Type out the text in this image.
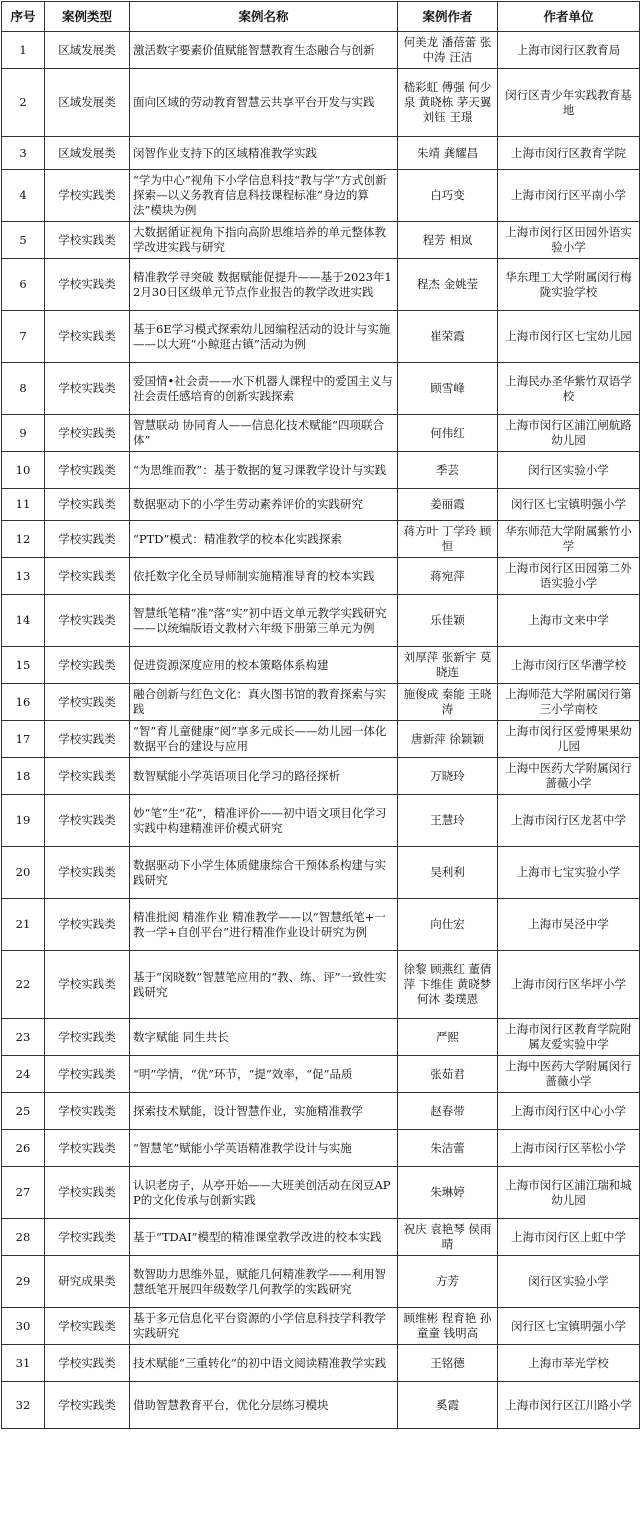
序号	案例类型	案例名称	案例作者	作者单位
1	区域发展类	激活数字要素价值赋能智慧教育生态融合与创新	何美龙 潘蓓蕾 张中涛 汪洁	上海市闵行区教育局
2	区域发展类	面向区域的劳动教育智慧云共享平台开发与实践	嵇彩虹 傅强 何少泉 黄晓栋 茅天翼 刘钰 王璟	闵行区青少年实践教育基地
3	区域发展类	闵智作业支持下的区域精准教学实践	朱靖 龚耀昌	上海市闵行区教育学院
4	学校实践类	“学为中心”视角下小学信息科技“教与学”方式创新探索—以义务教育信息科技课程标准“身边的算法”模块为例	白巧变	上海市闵行区平南小学
5	学校实践类	大数据循证视角下指向高阶思维培养的单元整体教学改进实践与研究	程芳 相岚	上海市闵行区田园外语实验小学
6	学校实践类	精准教学寻突破 数据赋能促提升——基于2023年12月30日区级单元节点作业报告的教学改进实践	程杰 金姚莹	华东理工大学附属闵行梅陇实验学校
7	学校实践类	基于6E学习模式探索幼儿园编程活动的设计与实施——以大班“小鲸逛古镇”活动为例	崔荣霞	上海市闵行区七宝幼儿园
8	学校实践类	爱国情•社会责——水下机器人课程中的爱国主义与社会责任感培育的创新实践探索	顾雪峰	上海民办圣华紫竹双语学校
9	学校实践类	智慧联动 协同育人——信息化技术赋能“四项联合体”	何伟红	上海市闵行区浦江闸航路幼儿园
10	学校实践类	“为思维而教”：基于数据的复习课教学设计与实践	季芸	闵行区实验小学
11	学校实践类	数据驱动下的小学生劳动素养评价的实践研究	姜丽霞	闵行区七宝镇明强小学
12	学校实践类	“PTD”模式：精准教学的校本化实践探索	蒋方叶 丁学玲 顾恒	华东师范大学附属紫竹小学
13	学校实践类	依托数字化全员导师制实施精准导育的校本实践	蒋宛萍	上海市闵行区田园第二外语实验小学
14	学校实践类	智慧纸笔精“准”落“实”初中语文单元教学实践研究——以统编版语文教材六年级下册第三单元为例	乐佳颖	上海市文来中学
15	学校实践类	促进资源深度应用的校本策略体系构建	刘厚萍 张新宇 莫晓连	上海市闵行区华漕学校
16	学校实践类	融合创新与红色文化：真火图书馆的教育探索与实践	施俊成 秦能 王晓涛	上海师范大学附属闵行第三小学南校
17	学校实践类	“智”育儿童健康“阅”享多元成长——幼儿园一体化数据平台的建设与应用	唐新萍 徐颖颖	上海市闵行区爱博果果幼儿园
18	学校实践类	数智赋能小学英语项目化学习的路径探析	万晓玲	上海中医药大学附属闵行蔷薇小学
19	学校实践类	妙“笔”生“花”，精准评价——初中语文项目化学习实践中构建精准评价模式研究	王慧玲	上海市闵行区龙茗中学
20	学校实践类	数据驱动下小学生体质健康综合干预体系构建与实践研究	吴利利	上海市七宝实验小学
21	学校实践类	精准批阅 精准作业 精准教学——以“智慧纸笔+一教一学+自创平台”进行精准作业设计研究为例	向仕宏	上海市吴泾中学
22	学校实践类	基于“闵晓数”智慧笔应用的“教、练、评”一致性实践研究	徐黎 顾燕红 董倩萍 卞维佳 黄晓梦 何沐 娄璞恩	上海市闵行区华坪小学
23	学校实践类	数字赋能 同生共长	严熙	上海市闵行区教育学院附属友爱实验中学
24	学校实践类	“明”学情，“优”环节，“提”效率，“促”品质	张茹君	上海中医药大学附属闵行蔷薇小学
25	学校实践类	探索技术赋能，设计智慧作业，实施精准教学	赵春带	上海市闵行区中心小学
26	学校实践类	“智慧笔”赋能小学英语精准教学设计与实施	朱洁蕾	上海市闵行区莘松小学
27	学校实践类	认识老房子，从亭开始——大班美创活动在闵豆APP的文化传承与创新实践	朱琳婷	上海市闵行区浦江瑞和城幼儿园
28	学校实践类	基于“TDAI”模型的精准课堂教学改进的校本实践	祝庆 袁艳琴 侯雨晴	上海市闵行区上虹中学
29	研究成果类	数智助力思维外显，赋能几何精准教学——利用智慧纸笔开展四年级数学几何教学的实践研究	方芳	闵行区实验小学
30	学校实践类	基于多元信息化平台资源的小学信息科技学科教学实践研究	顾维彬 程育艳 孙童童 钱明高	闵行区七宝镇明强小学
31	学校实践类	技术赋能“三重转化”的初中语文阅读精准教学实践	王铭德	上海市莘光学校
32	学校实践类	借助智慧教育平台，优化分层练习模块	奚霞	上海市闵行区江川路小学
